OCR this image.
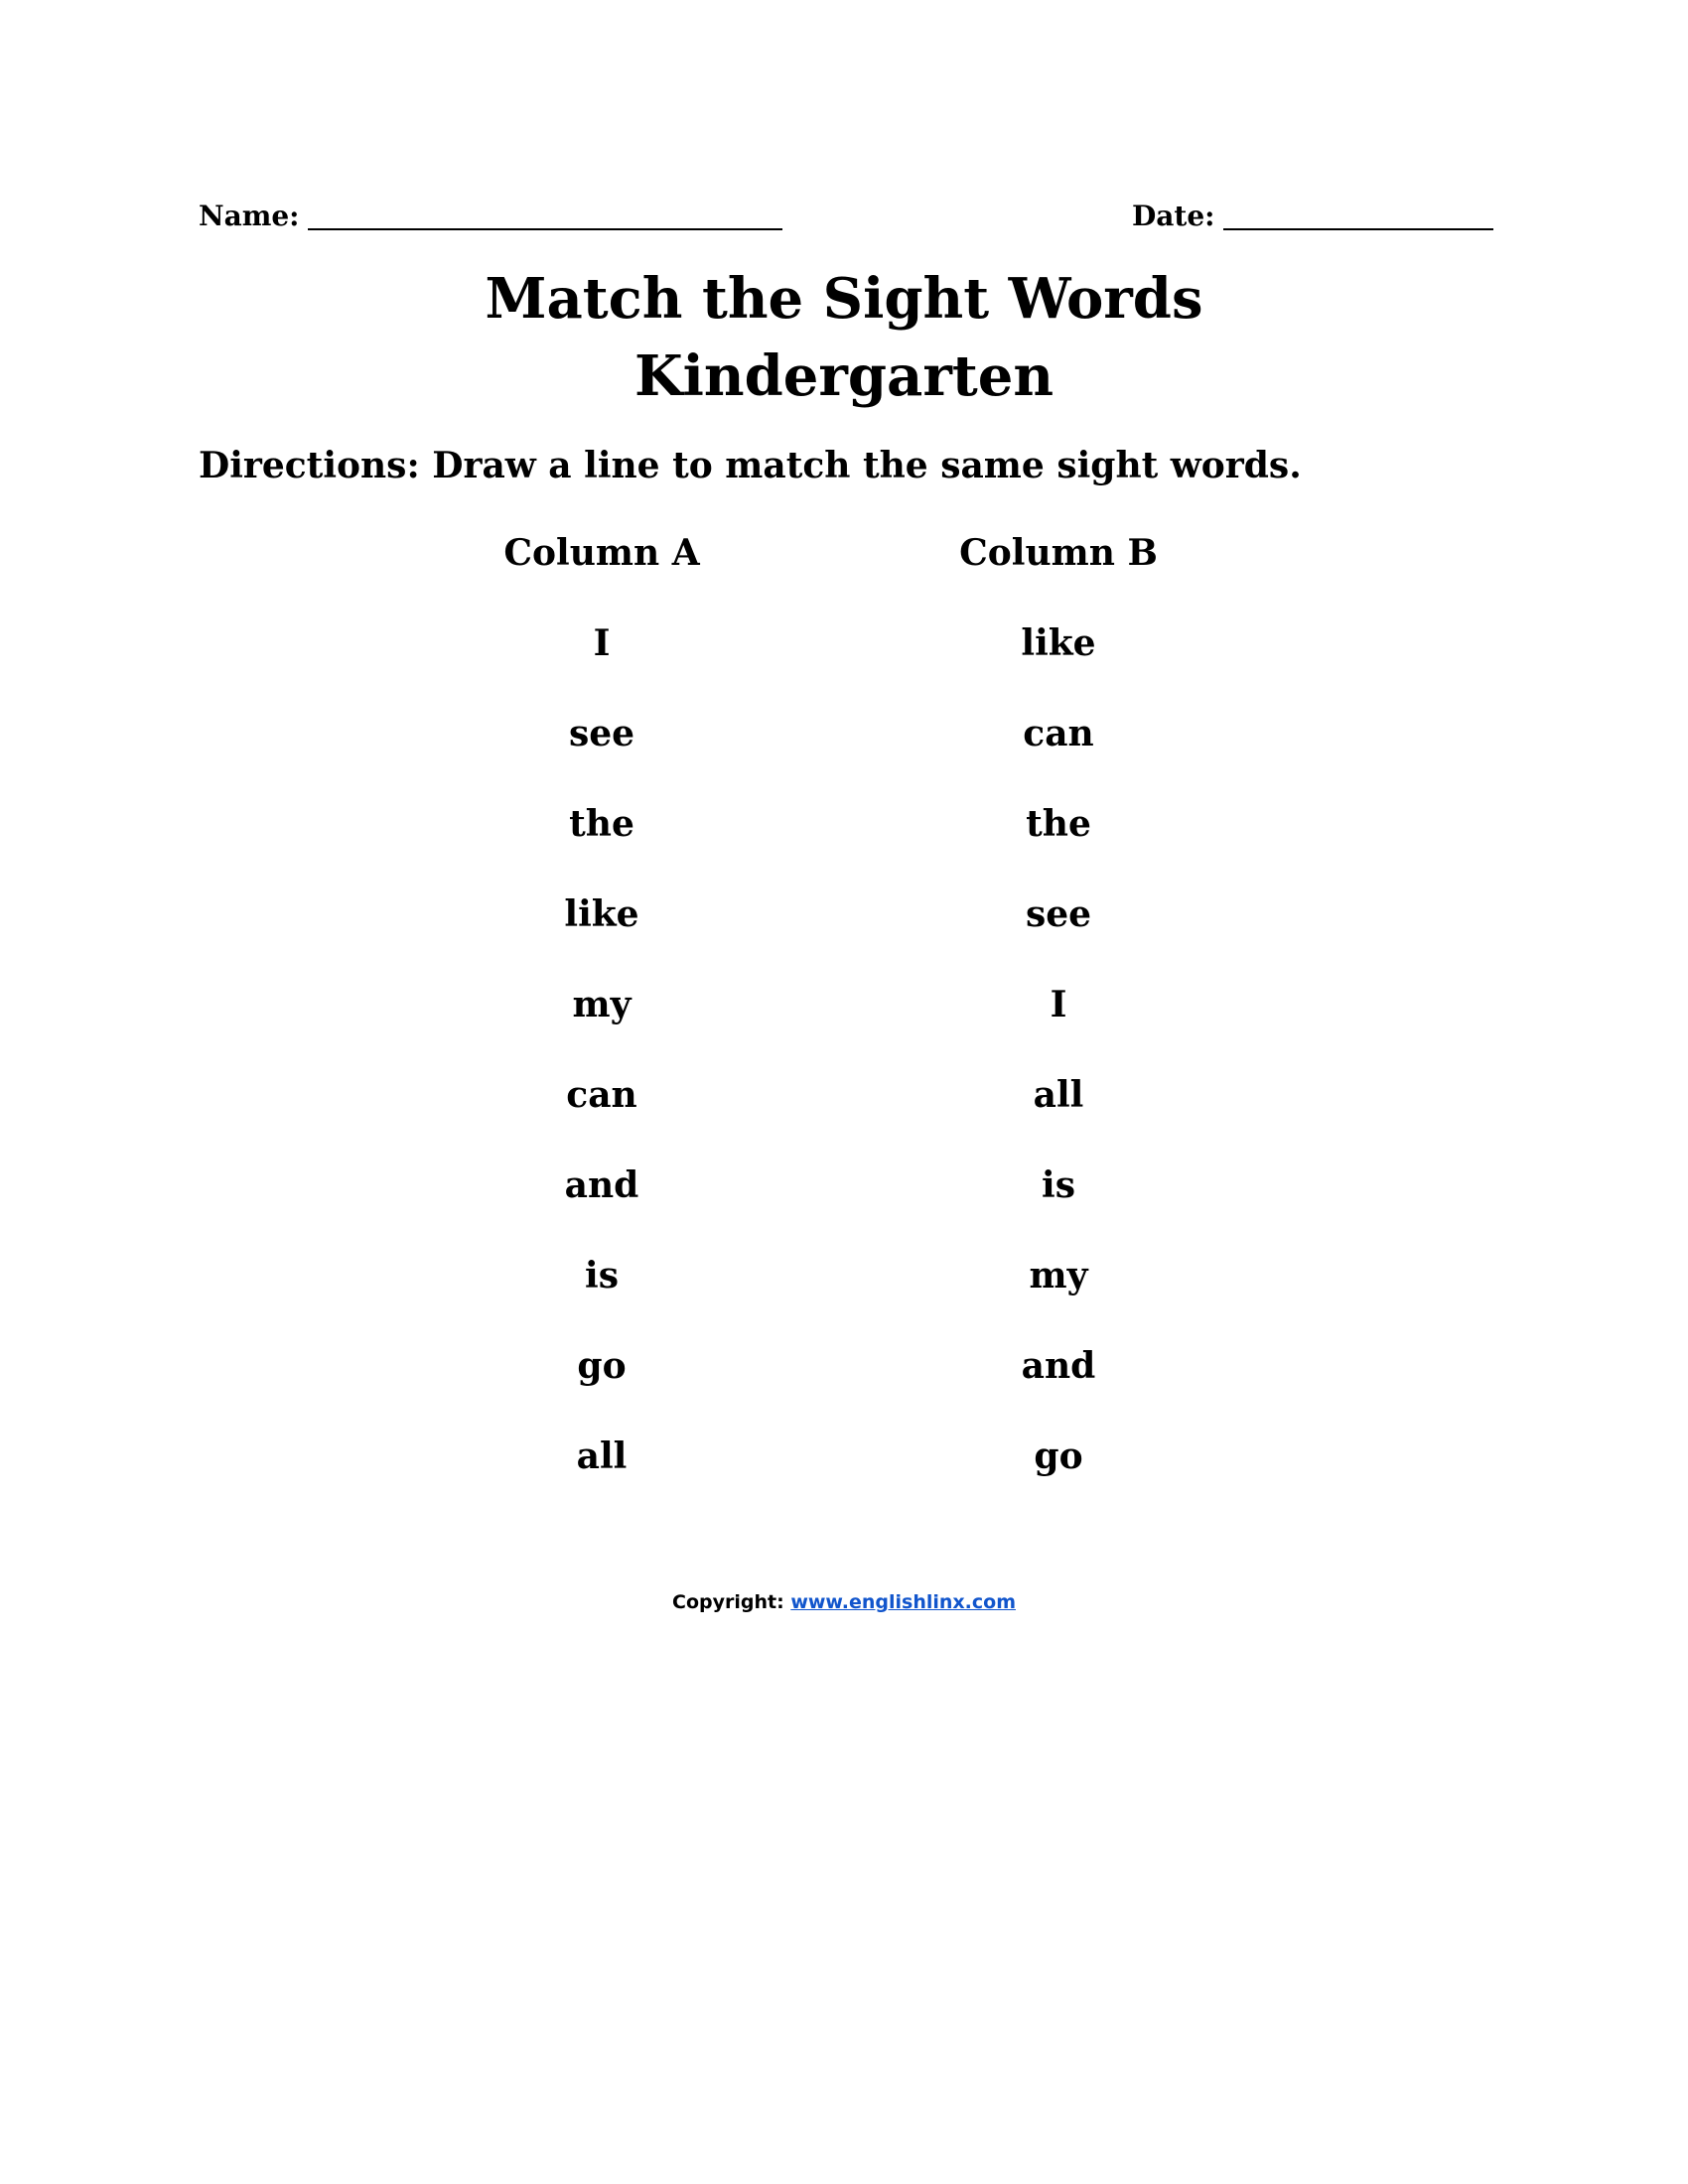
Name:	Date:
Match the Sight Words
Kindergarten

Directions: Draw a line to match the same sight words.

Column A
I
see
the
like
my
can
and
is
go
all
Column B
like
can
the
see
I
all
is
my
and
go
Copyright: www.englishlinx.com
